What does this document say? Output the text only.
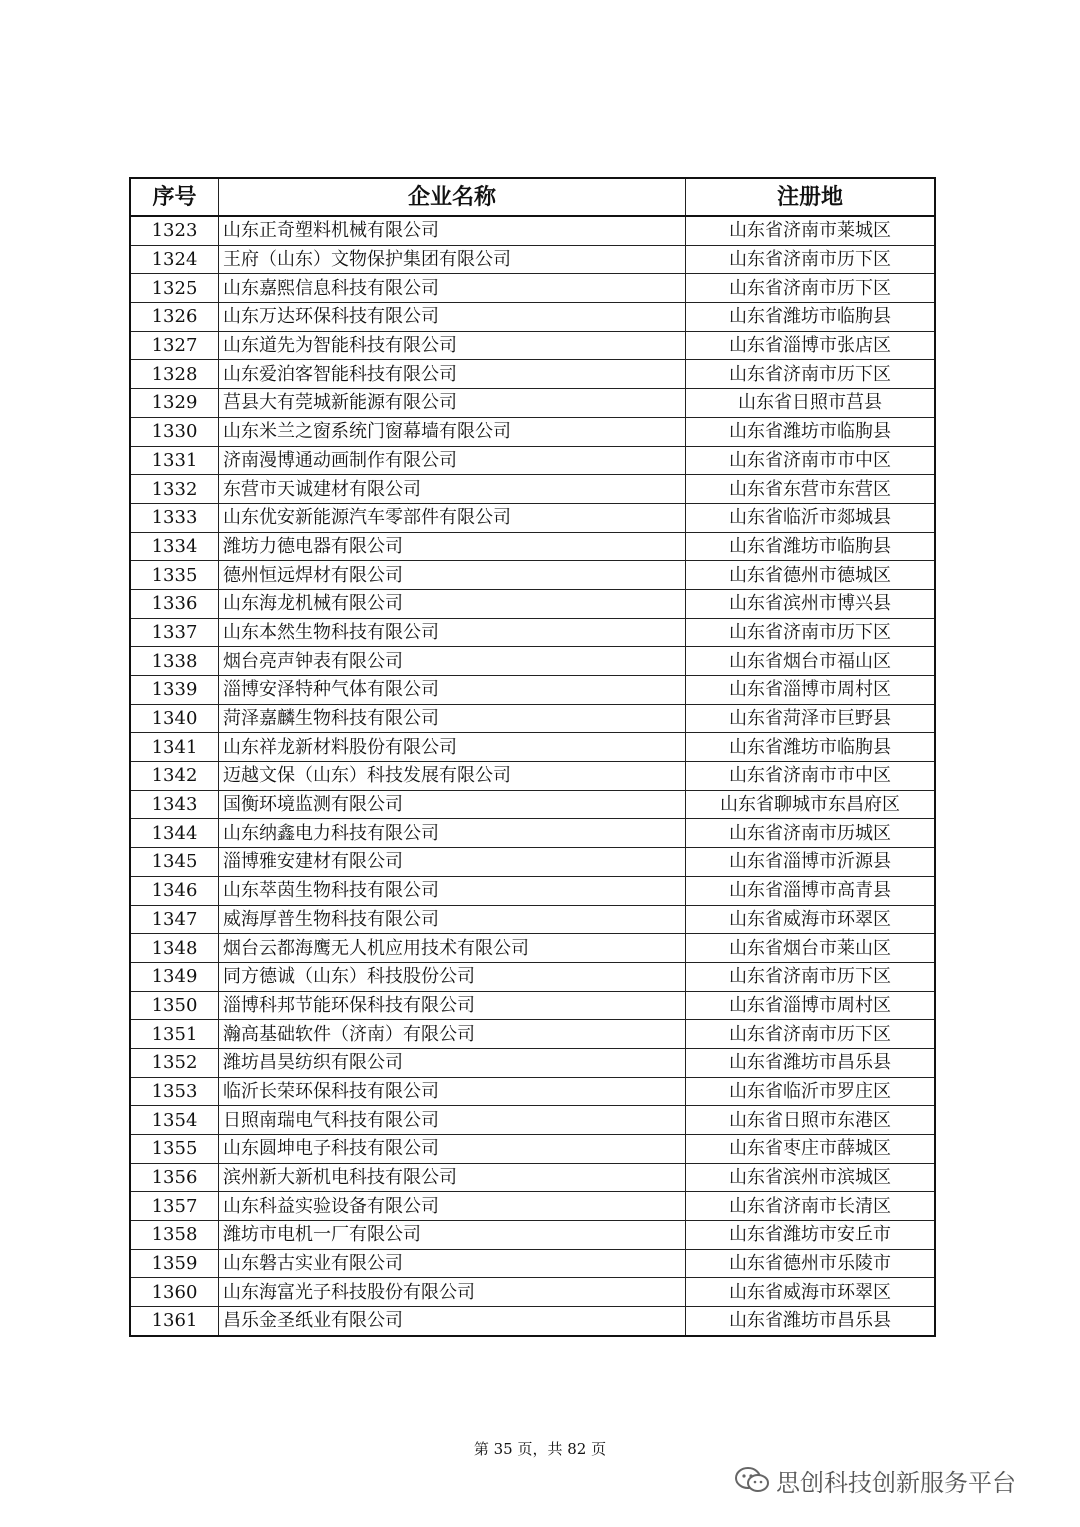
序号	企业名称	注册地
1323	山东正奇塑料机械有限公司	山东省济南市莱城区
1324	王府（山东）文物保护集团有限公司	山东省济南市历下区
1325	山东嘉熙信息科技有限公司	山东省济南市历下区
1326	山东万达环保科技有限公司	山东省潍坊市临朐县
1327	山东道先为智能科技有限公司	山东省淄博市张店区
1328	山东爱泊客智能科技有限公司	山东省济南市历下区
1329	莒县大有莞城新能源有限公司	山东省日照市莒县
1330	山东米兰之窗系统门窗幕墙有限公司	山东省潍坊市临朐县
1331	济南漫博通动画制作有限公司	山东省济南市市中区
1332	东营市天诚建材有限公司	山东省东营市东营区
1333	山东优安新能源汽车零部件有限公司	山东省临沂市郯城县
1334	潍坊力德电器有限公司	山东省潍坊市临朐县
1335	德州恒远焊材有限公司	山东省德州市德城区
1336	山东海龙机械有限公司	山东省滨州市博兴县
1337	山东本然生物科技有限公司	山东省济南市历下区
1338	烟台亮声钟表有限公司	山东省烟台市福山区
1339	淄博安泽特种气体有限公司	山东省淄博市周村区
1340	菏泽嘉麟生物科技有限公司	山东省菏泽市巨野县
1341	山东祥龙新材料股份有限公司	山东省潍坊市临朐县
1342	迈越文保（山东）科技发展有限公司	山东省济南市市中区
1343	国衡环境监测有限公司	山东省聊城市东昌府区
1344	山东纳鑫电力科技有限公司	山东省济南市历城区
1345	淄博雅安建材有限公司	山东省淄博市沂源县
1346	山东萃茵生物科技有限公司	山东省淄博市高青县
1347	威海厚普生物科技有限公司	山东省威海市环翠区
1348	烟台云都海鹰无人机应用技术有限公司	山东省烟台市莱山区
1349	同方德诚（山东）科技股份公司	山东省济南市历下区
1350	淄博科邦节能环保科技有限公司	山东省淄博市周村区
1351	瀚高基础软件（济南）有限公司	山东省济南市历下区
1352	潍坊昌昊纺织有限公司	山东省潍坊市昌乐县
1353	临沂长荣环保科技有限公司	山东省临沂市罗庄区
1354	日照南瑞电气科技有限公司	山东省日照市东港区
1355	山东圆坤电子科技有限公司	山东省枣庄市薛城区
1356	滨州新大新机电科技有限公司	山东省滨州市滨城区
1357	山东科益实验设备有限公司	山东省济南市长清区
1358	潍坊市电机一厂有限公司	山东省潍坊市安丘市
1359	山东磐古实业有限公司	山东省德州市乐陵市
1360	山东海富光子科技股份有限公司	山东省威海市环翠区
1361	昌乐金圣纸业有限公司	山东省潍坊市昌乐县
第 35 页，共 82 页
思创科技创新服务平台
